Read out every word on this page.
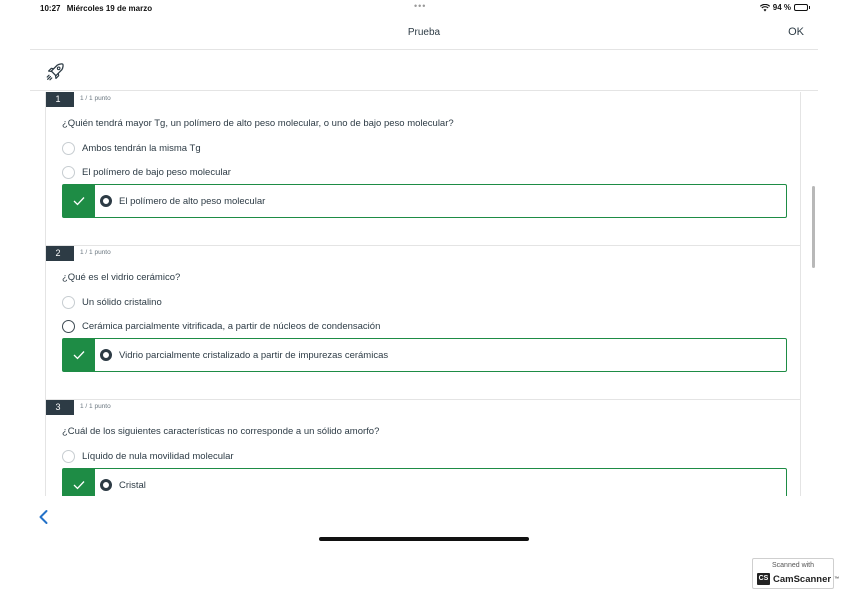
10:27 Miércoles 19 de marzo	•••	94 %
Prueba	OK
1	1 / 1 punto
¿Quién tendrá mayor Tg, un polímero de alto peso molecular, o uno de bajo peso molecular?
Ambos tendrán la misma Tg
El polímero de bajo peso molecular
El polímero de alto peso molecular
2	1 / 1 punto
¿Qué es el vidrio cerámico?
Un sólido cristalino
Cerámica parcialmente vitrificada, a partir de núcleos de condensación
Vidrio parcialmente cristalizado a partir de impurezas cerámicas
3	1 / 1 punto
¿Cuál de los siguientes características no corresponde a un sólido amorfo?
Líquido de nula movilidad molecular
Cristal
Scanned with
CS CamScanner ™
